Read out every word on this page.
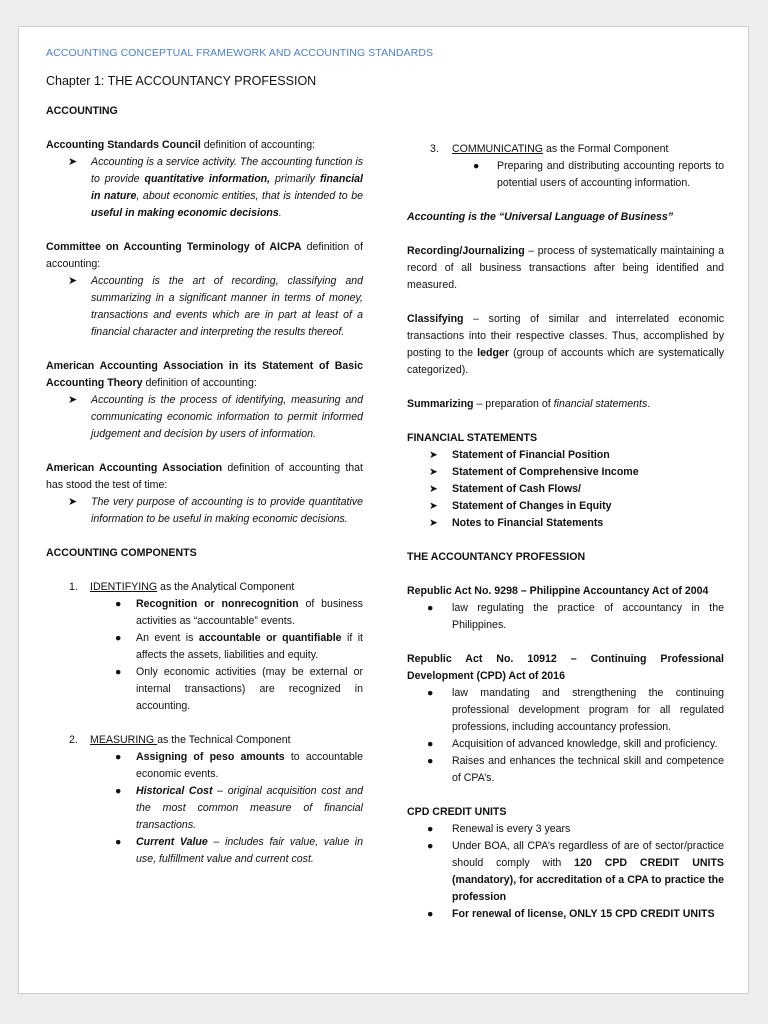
ACCOUNTING CONCEPTUAL FRAMEWORK AND ACCOUNTING STANDARDS
Chapter 1: THE ACCOUNTANCY PROFESSION

ACCOUNTING

Accounting Standards Council definition of accounting:

➤ Accounting is a service activity. The accounting function is to provide quantitative information, primarily financial in nature, about economic entities, that is intended to be useful in making economic decisions.

Committee on Accounting Terminology of AICPA definition of accounting:

➤ Accounting is the art of recording, classifying and summarizing in a significant manner in terms of money, transactions and events which are in part at least of a financial character and interpreting the results thereof.

American Accounting Association in its Statement of Basic Accounting Theory definition of accounting:

➤ Accounting is the process of identifying, measuring and communicating economic information to permit informed judgement and decision by users of information.

American Accounting Association definition of accounting that has stood the test of time:

➤ The very purpose of accounting is to provide quantitative information to be useful in making economic decisions.

ACCOUNTING COMPONENTS

1. IDENTIFYING as the Analytical Component
● Recognition or nonrecognition of business activities as “accountable” events.
● An event is accountable or quantifiable if it affects the assets, liabilities and equity.
● Only economic activities (may be external or internal transactions) are recognized in accounting.
2. MEASURING as the Technical Component
● Assigning of peso amounts to accountable economic events.
● Historical Cost – original acquisition cost and the most common measure of financial transactions.
● Current Value – includes fair value, value in use, fulfillment value and current cost.
3. COMMUNICATING as the Formal Component
● Preparing and distributing accounting reports to potential users of accounting information.

Accounting is the “Universal Language of Business”

Recording/Journalizing – process of systematically maintaining a record of all business transactions after being identified and measured.

Classifying – sorting of similar and interrelated economic transactions into their respective classes. Thus, accomplished by posting to the ledger (group of accounts which are systematically categorized).

Summarizing – preparation of financial statements.

FINANCIAL STATEMENTS

➤ Statement of Financial Position
➤ Statement of Comprehensive Income
➤ Statement of Cash Flows/
➤ Statement of Changes in Equity
➤ Notes to Financial Statements

THE ACCOUNTANCY PROFESSION

Republic Act No. 9298 – Philippine Accountancy Act of 2004

● law regulating the practice of accountancy in the Philippines.

Republic Act No. 10912 – Continuing Professional Development (CPD) Act of 2016

● law mandating and strengthening the continuing professional development program for all regulated professions, including accountancy profession.
● Acquisition of advanced knowledge, skill and proficiency.
● Raises and enhances the technical skill and competence of CPA’s.

CPD CREDIT UNITS

● Renewal is every 3 years
● Under BOA, all CPA’s regardless of are of sector/practice should comply with 120 CPD CREDIT UNITS (mandatory), for accreditation of a CPA to practice the profession
● For renewal of license, ONLY 15 CPD CREDIT UNITS
